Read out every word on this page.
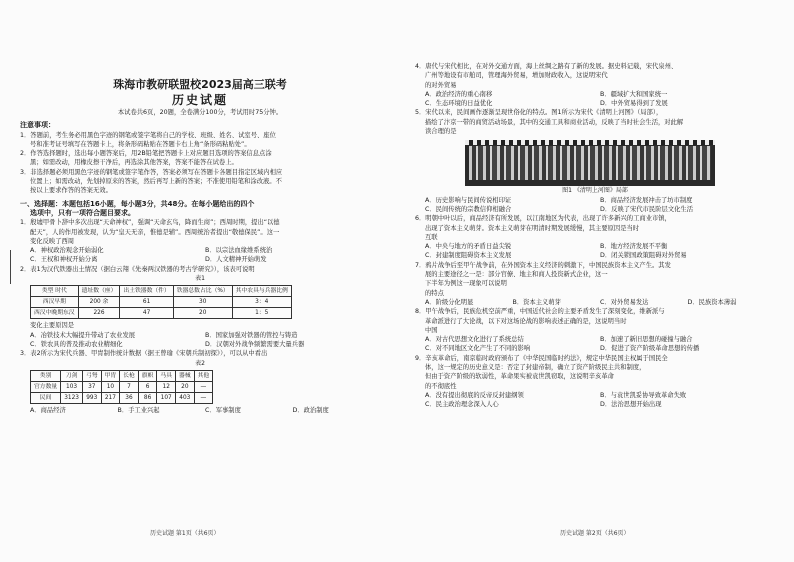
珠海市教研联盟校2023届高三联考
历史试题

本试卷共6页，20题，全卷满分100分，考试用时75分钟。

注意事项：

1．答题前，考生务必用黑色字迹的钢笔或签字笔将自己的学校、班级、姓名、试室号、座位

号和准考证号填写在答题卡上，将条形码粘贴在答题卡右上角“条形码粘贴处”。

2．作答选择题时，选出每小题答案后，用2B铅笔把答题卡上对应题目选项的答案信息点涂

黑；如需改动，用橡皮擦干净后，再选涂其他答案，答案不能答在试卷上。

3．非选择题必须用黑色字迹的钢笔或签字笔作答，答案必须写在答题卡各题目指定区域内相应

位置上；如需改动，先划掉原来的答案，然后再写上新的答案；不准使用铅笔和涂改液。不

按以上要求作答的答案无效。

一、选择题：本题包括16小题，每小题3分，共48分。在每小题给出的四个

选项中，只有一项符合题目要求。

1．殷墟甲骨卜辞中多次出现“天命神权”，强调“天命玄鸟，降而生商”；西周时期，提出“以德

配天”，人的作用被发现，认为“皇天无亲，惟德是辅”。西周统治者提出“敬德保民”。这一

变化反映了西周

A．神权政治观念开始弱化	B．以宗法血缘维系统治
C．王权和神权开始分离	D．人文精神开始萌发

2．表1为汉代铁器出土情况（据白云翔《先秦两汉铁器的考古学研究》），该表可说明

表1
类型 时代	遗址数（座）	出土铁器数（件）	铁器总数占比（%）	其中农具与兵器比例
西汉早期	200 余	61	30	3：4
西汉中晚期东汉	226	47	20	1：5

变化主要原因是

A．冶铁技术大幅提升带动了农业发展	B．国家加强对铁器的管控与铸造
C．铁农具的普及推动农业精细化	D．汉朝对外战争频繁需要大量兵器

3．表2所示为宋代兵器、甲胄制作统计数据（据王曾瑜《宋朝兵制初探》），可以从中看出

表2
类别	刀剑	弓弩	甲胄	长枪	旗帜	马具	器械	其他
官方数量	103	37	10	7	6	12	20	—
民间	3123	993	217	36	86	107	403	—
A．商品经济	B．手工业兴起	C．军事制度	D．政治制度
历史试题 第1页（共6页）

4．唐代与宋代相比，在对外交通方面，海上丝绸之路有了新的发展。据史料记载，宋代泉州、

广州等地设有市舶司，管理海外贸易，增加财政收入，这说明宋代

的对外贸易

A．政治经济的重心南移	B．疆域扩大和国家统一
C．生态环境的日益优化	D．中外贸易得到了发展

5．宋代以来，民间画作逐渐呈现世俗化的特点。图1所示为宋代《清明上河图》（局部），

描绘了汴京一带的商贸活动场景，其中的交通工具和商业活动，反映了当时社会生活，对此解

读合理的是

图1 《清明上河图》局部
A．历史影响与民间传说相印证	B．商品经济发展冲击了坊市制度
C．民间传统的宗教信仰相融合	D．反映了宋代市民阶层文化生活

6．明朝中叶以后，商品经济有所发展，以江南地区为代表，出现了许多新兴的工商业市镇，

出现了资本主义萌芽。资本主义萌芽在明清时期发展缓慢，其主要原因是当时

互联

A．中央与地方的矛盾日益尖锐	B．地方经济发展不平衡
C．封建制度阻碍资本主义发展	D．闭关锁国政策阻碍对外贸易

7．鸦片战争后至甲午战争前，在外国资本主义经济的刺激下，中国民族资本主义产生。其发

展的主要途径之一是：部分官僚、地主和商人投资新式企业，这一

下半年为例这一现象可以说明

的特点

A．阶级分化明显	B．资本主义萌芽	C．对外贸易发达	D．民族资本薄弱

8．甲午战争后，民族危机空前严重，中国近代社会的主要矛盾发生了深刻变化，维新派与

革命派进行了大论战，以下对这场论战的影响表述正确的是，这说明当时

中国

A．对古代思想文化进行了系统总结	B．加速了新旧思想的碰撞与融合
C．对不同地区文化产生了不同的影响	D．促进了资产阶级革命思想的传播

9．辛亥革命后，南京临时政府颁布了《中华民国临时约法》，规定中华民国主权属于国民全

体，这一规定的历史意义是：否定了封建帝制，确立了资产阶级民主共和制度，

但由于资产阶级的软弱性，革命果实被袁世凯窃取，这说明辛亥革命

的不彻底性

A．没有提出彻底的反帝反封建纲领	B．与袁世凯妥协导致革命失败
C．民主政治理念深入人心	D．法治思想开始出现
历史试题 第2页（共6页）
